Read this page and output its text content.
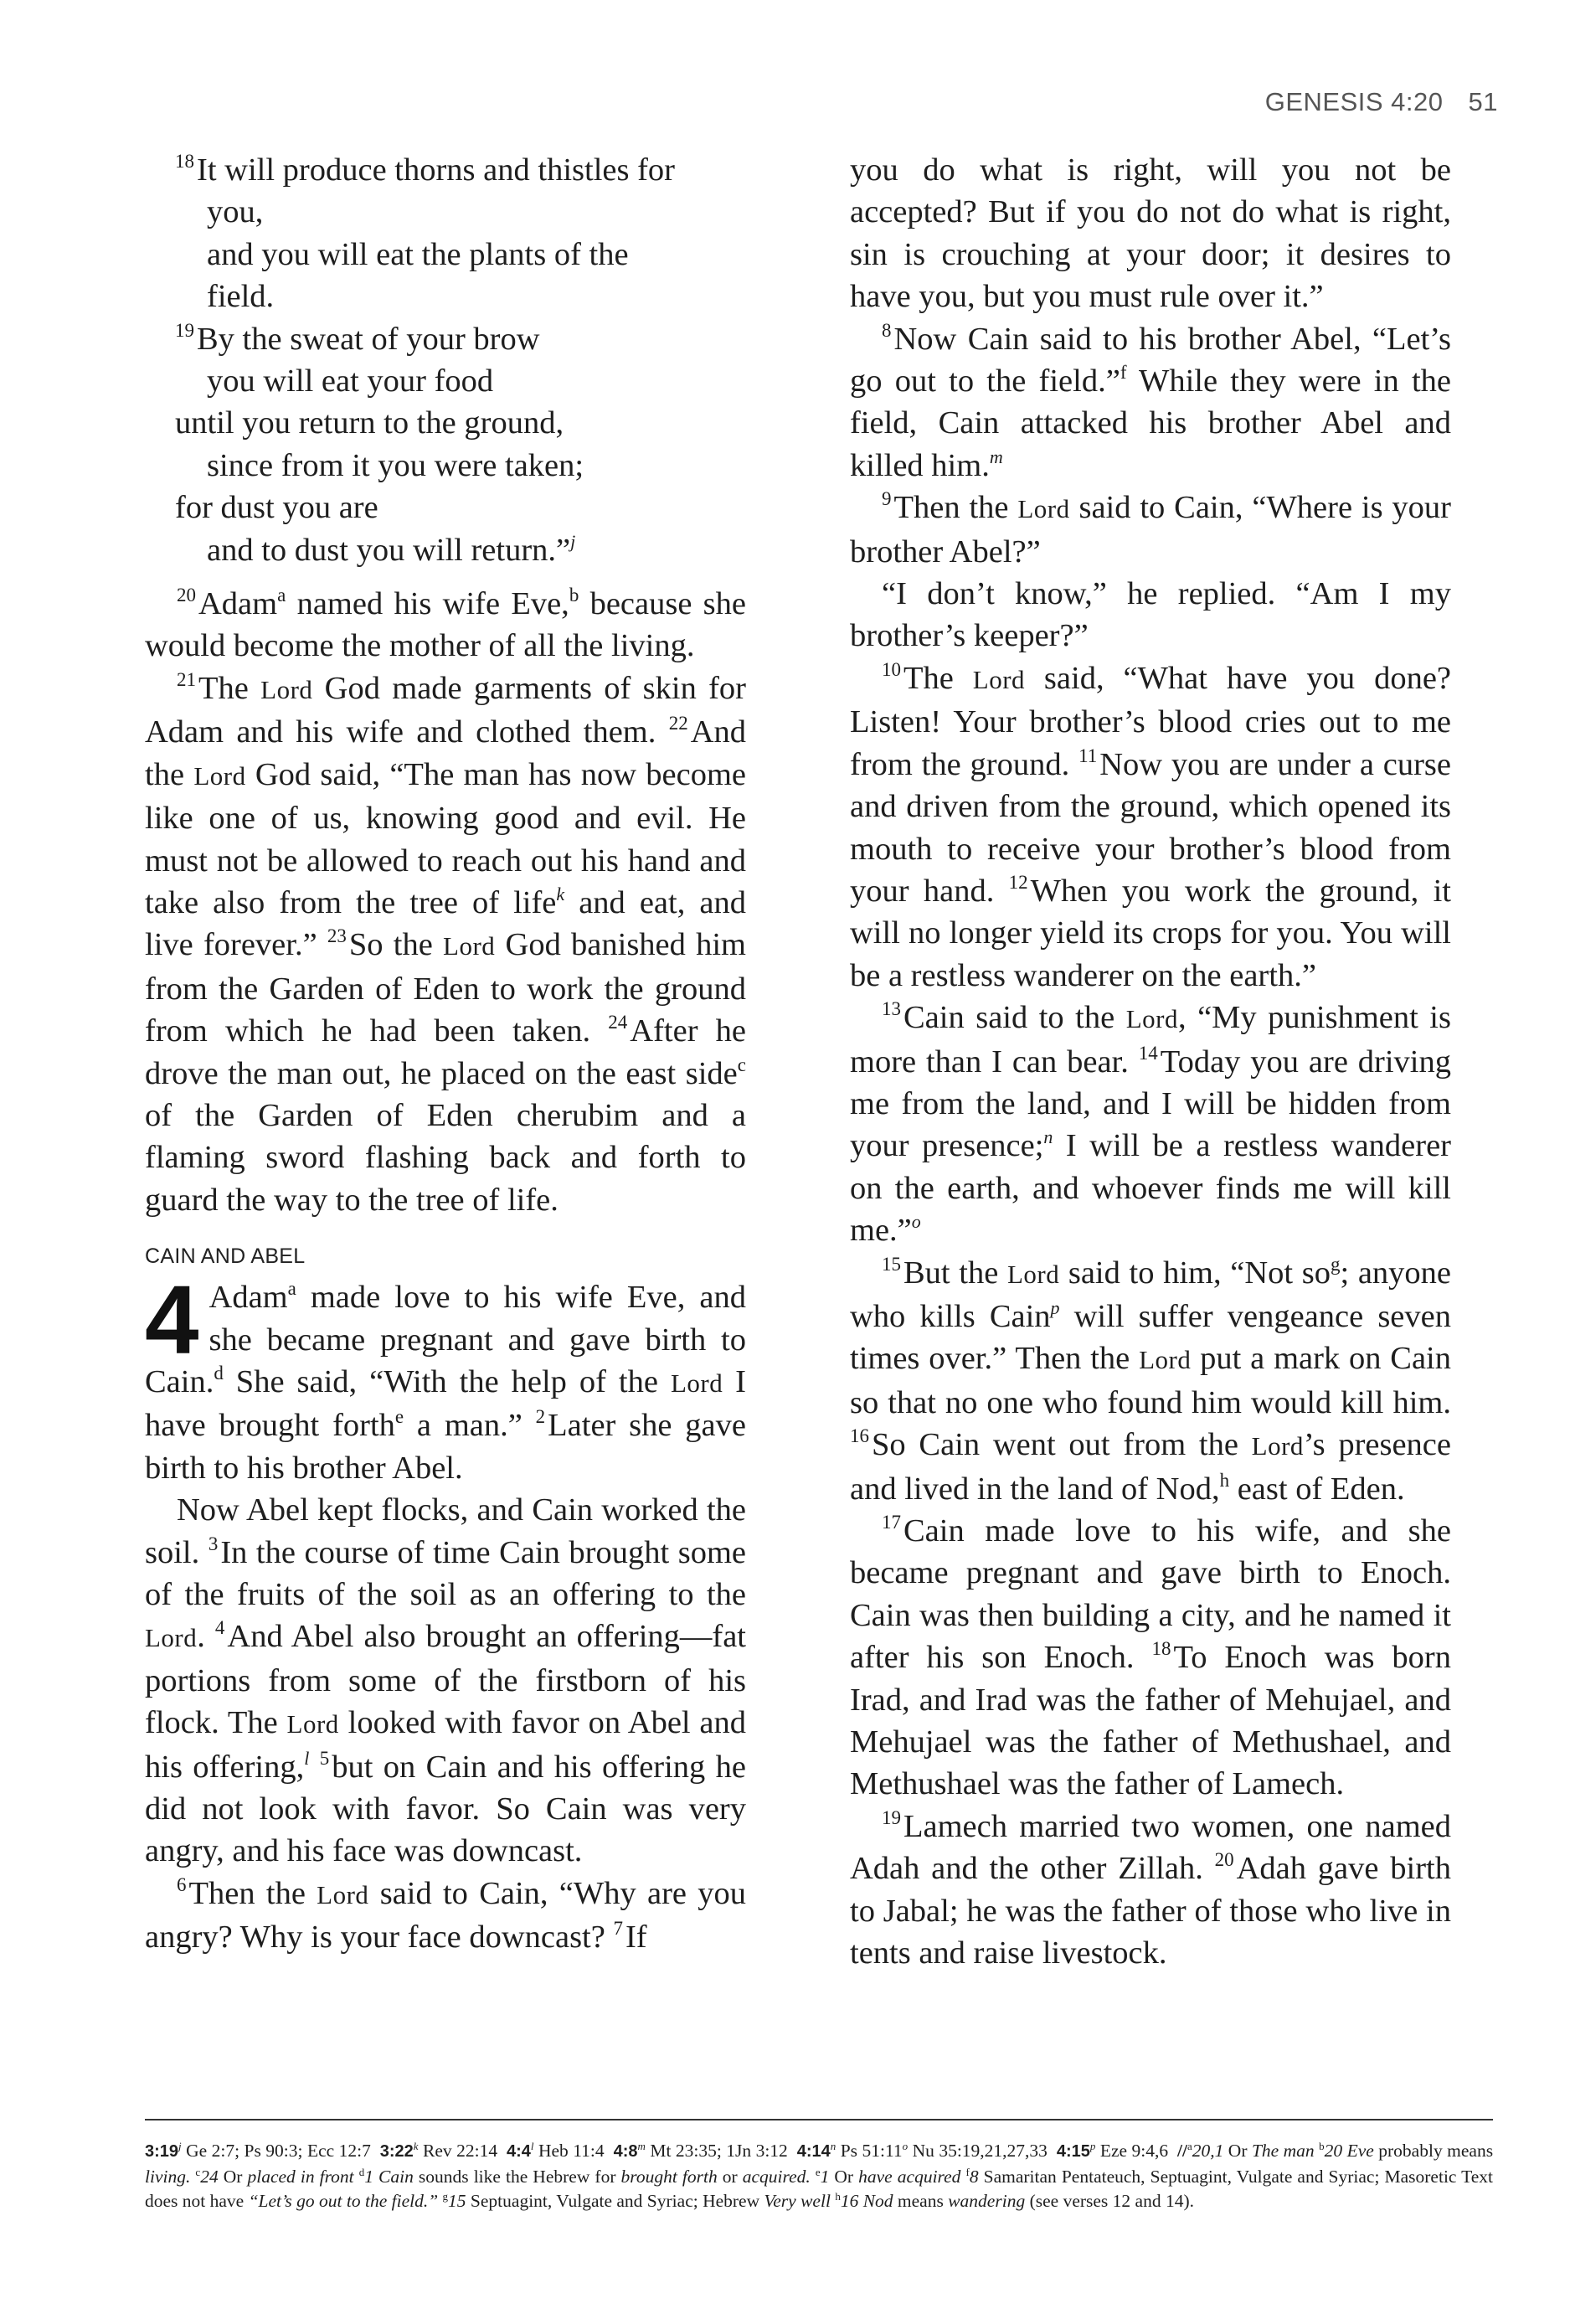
GENESIS 4:20 51
$^{18}$It will produce thorns and thistles for
you,
and you will eat the plants of the
field.
$^{19}$By the sweat of your brow
you will eat your food
until you return to the ground,
since from it you were taken;
for dust you are
and to dust you will return.”$^j$

$^{20}$Adam$^a$ named his wife Eve,$^b$ because she would become the mother of all the living.

$^{21}$The Lord God made garments of skin for Adam and his wife and clothed them. $^{22}$And the Lord God said, “The man has now become like one of us, knowing good and evil. He must not be allowed to reach out his hand and take also from the tree of life$^k$ and eat, and live forever.” $^{23}$So the Lord God banished him from the Garden of Eden to work the ground from which he had been taken. $^{24}$After he drove the man out, he placed on the east side$^c$ of the Garden of Eden cherubim and a flaming sword flashing back and forth to guard the way to the tree of life.

CAIN AND ABEL

4 Adam$^a$ made love to his wife Eve, and she became pregnant and gave birth to Cain.$^d$ She said, “With the help of the Lord I have brought forth$^e$ a man.” $^2$Later she gave birth to his brother Abel.

Now Abel kept flocks, and Cain worked the soil. $^3$In the course of time Cain brought some of the fruits of the soil as an offering to the Lord. $^4$And Abel also brought an offering—fat portions from some of the firstborn of his flock. The Lord looked with favor on Abel and his offering,$^l$ $^5$but on Cain and his offering he did not look with favor. So Cain was very angry, and his face was downcast.

$^6$Then the Lord said to Cain, “Why are you angry? Why is your face downcast? $^7$If

you do what is right, will you not be accepted? But if you do not do what is right, sin is crouching at your door; it desires to have you, but you must rule over it.”

$^8$Now Cain said to his brother Abel, “Let’s go out to the field.”$^f$ While they were in the field, Cain attacked his brother Abel and killed him.$^m$

$^9$Then the Lord said to Cain, “Where is your brother Abel?”

“I don’t know,” he replied. “Am I my brother’s keeper?”

$^{10}$The Lord said, “What have you done? Listen! Your brother’s blood cries out to me from the ground. $^{11}$Now you are under a curse and driven from the ground, which opened its mouth to receive your brother’s blood from your hand. $^{12}$When you work the ground, it will no longer yield its crops for you. You will be a restless wanderer on the earth.”

$^{13}$Cain said to the Lord, “My punishment is more than I can bear. $^{14}$Today you are driving me from the land, and I will be hidden from your presence;$^n$ I will be a restless wanderer on the earth, and whoever finds me will kill me.”$^o$

$^{15}$But the Lord said to him, “Not $so^g$; anyone who kills Cain$^p$ will suffer vengeance seven times over.” Then the Lord put a mark on Cain so that no one who found him would kill him. $^{16}$So Cain went out from the Lord’s presence and lived in the land of Nod,$^h$ east of Eden.

$^{17}$Cain made love to his wife, and she became pregnant and gave birth to Enoch. Cain was then building a city, and he named it after his son Enoch. $^{18}$To Enoch was born Irad, and Irad was the father of Mehujael, and Mehujael was the father of Methushael, and Methushael was the father of Lamech.

$^{19}$Lamech married two women, one named Adah and the other Zillah. $^{20}$Adah gave birth to Jabal; he was the father of those who live in tents and raise livestock.

3:19$^j$ Ge 2:7; Ps 90:3; Ecc 12:7 3:22$^k$ Rev 22:14 4:4$^l$ Heb 11:4 4:8$^m$ Mt 23:35; 1Jn 3:12 4:14$^n$ Ps 51:11$^o$ Nu 35:19,21,27,33 4:15$^p$ Eze 9:4,6 //$^a$20,1 Or The man $^b$20 Eve probably means living. $^c$24 Or placed in front $^d$1 Cain sounds like the Hebrew for brought forth or acquired. $^e$1 Or have acquired $^f$8 Samaritan Pentateuch, Septuagint, Vulgate and Syriac; Masoretic Text does not have “Let’s go out to the field.” $^g$15 Septuagint, Vulgate and Syriac; Hebrew Very well $^h$16 Nod means wandering (see verses 12 and 14).
